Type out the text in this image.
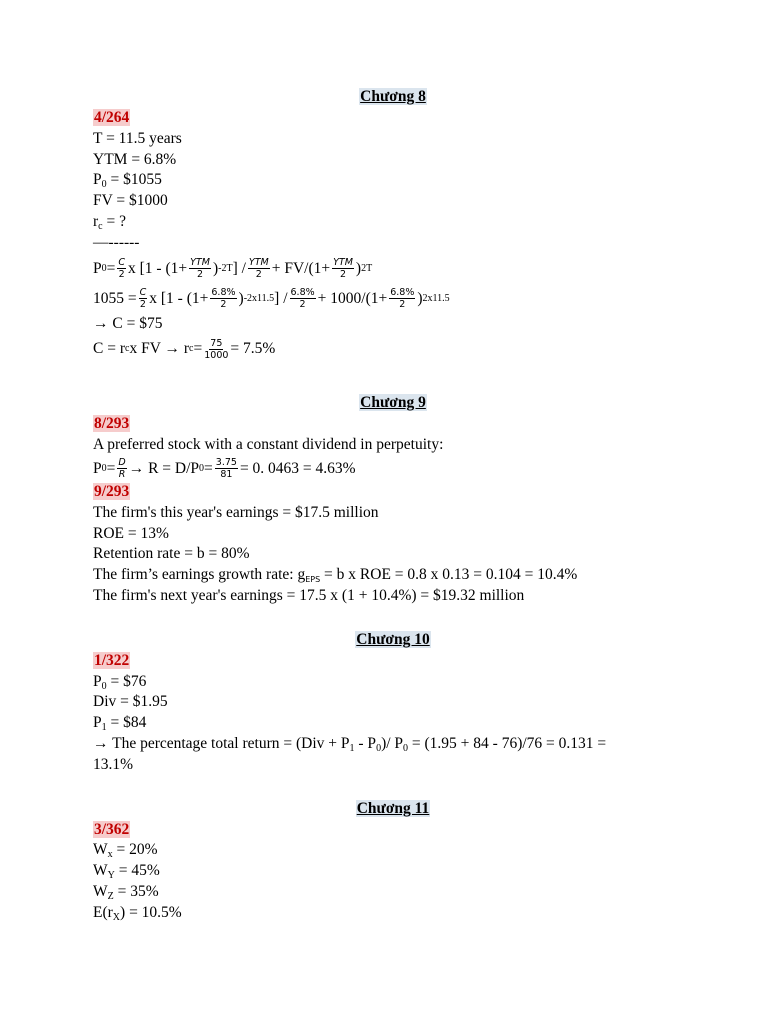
Chương 8
4/264
T = 11.5 years
YTM = 6.8%
$P_0$ = $1055
FV = $1000
$r_c$ = ?
—------
P $0 = \frac{C}{2}$ x [$1 - (1+ \frac{\text{YTM}}{2}$ ) -2T ] / $\frac{\text{YTM}}{2} + FV/(1+ \frac{\text{YTM}}{2}$ ) 2T
$1055 = \frac{C}{2}$ x [$1 - (1+ \frac{6.8\%}{2}$ ) -2x11.5 ] / $\frac{6.8\%}{2} + 1000/(1+ \frac{6.8\%}{2}$ ) 2x11.5
→ C = $75
C = r c x FV → r $c = \frac{75}{1000} = 7.5\%$
Chương 9
8/293
A preferred stock with a constant dividend in perpetuity:
P $0 = \frac{D}{R} \to R = D/P$ $0 = \frac{3.75}{81} = 0$. 0463 = 4.63%
9/293
The firm's this year's earnings = $17.5 million
ROE = 13%
Retention rate = b = 80%
The firm’s earnings growth rate: $g_{EPS} = b$ x ROE = 0.8 x 0.13 = 0.104 = 10.4%
The firm's next year's earnings = 17.5 x (1 + 10.4%) = $19.32 million
Chương 10
1/322
$P_0$ = $76
Div = $1.95
$P_1$ = $84
→ The percentage total return = $(Div + P_1 - P_0)/$ $P_0 = (1.95 + 84 - 76)/76 = 0.131$ =
13.1%
Chương 11
3/362
$W_x = 20\%$
$W_Y = 45\%$
$W_Z = 35\%$
$E(r_X) = 10.5\%$
